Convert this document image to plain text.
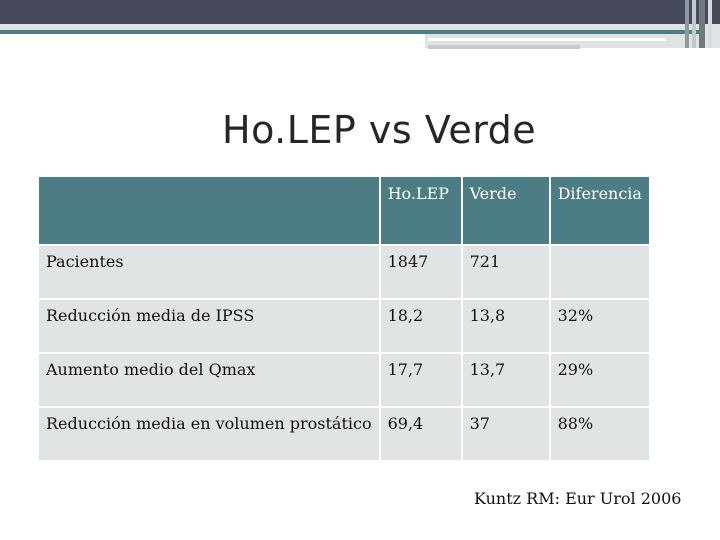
Ho.LEP vs Verde
	Ho.LEP	Verde	Diferencia
Pacientes	1847	721	
Reducción media de IPSS	18,2	13,8	32%
Aumento medio del Qmax	17,7	13,7	29%
Reducción media en volumen prostático	69,4	37	88%
Kuntz RM: Eur Urol 2006
